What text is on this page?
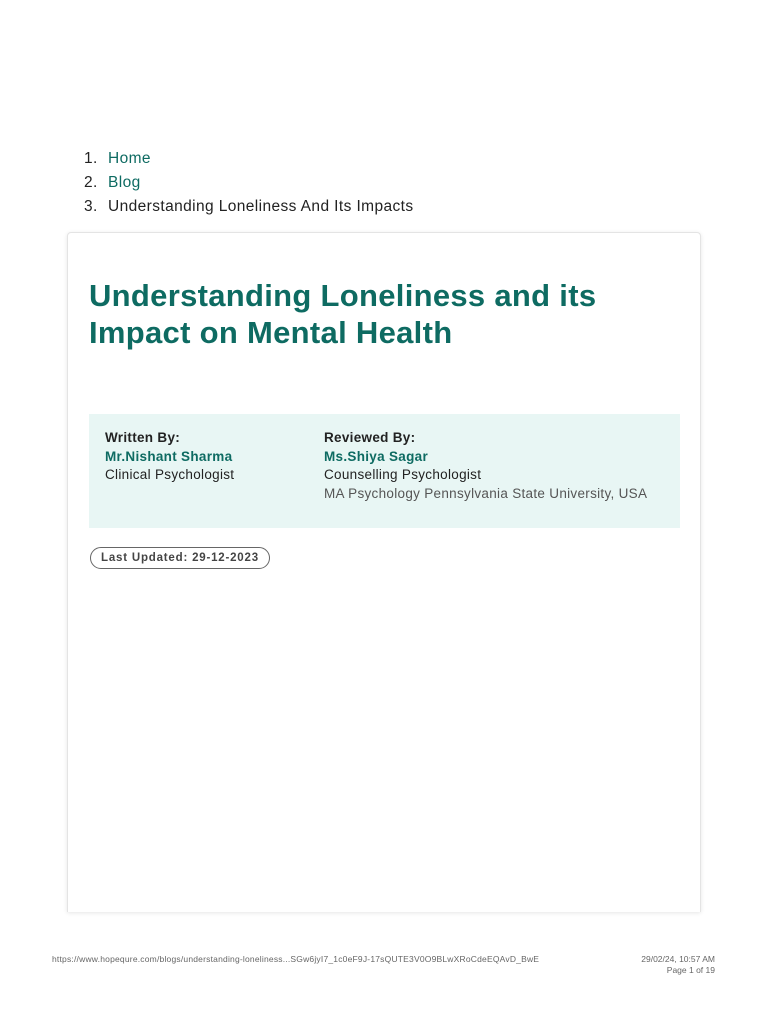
1. Home
2. Blog
3. Understanding Loneliness And Its Impacts
Understanding Loneliness and its Impact on Mental Health
Written By:
Mr.Nishant Sharma
Clinical Psychologist
Reviewed By:
Ms.Shiya Sagar
Counselling Psychologist
MA Psychology Pennsylvania State University, USA
Last Updated: 29-12-2023
https://www.hopequre.com/blogs/understanding-loneliness...SGw6jyI7_1c0eF9J-17sQUTE3V0O9BLwXRoCdeEQAvD_BwE	29/02/24, 10:57 AM
Page 1 of 19
